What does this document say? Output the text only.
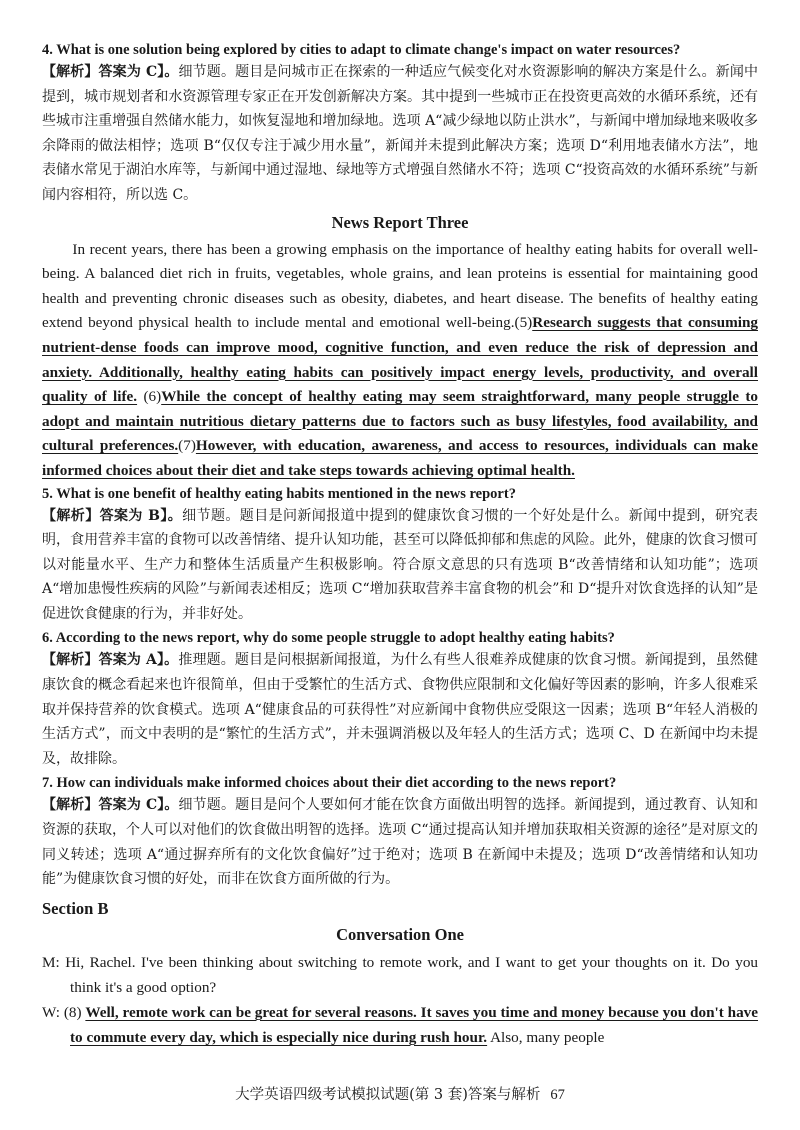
4. What is one solution being explored by cities to adapt to climate change's impact on water resources?

【解析】答案为 C】。细节题。题目是问城市正在探索的一种适应气候变化对水资源影响的解决方案是什么。新闻中提到，城市规划者和水资源管理专家正在开发创新解决方案。其中提到一些城市正在投资更高效的水循环系统，还有些城市注重增强自然储水能力，如恢复湿地和增加绿地。选项 A“减少绿地以防止洪水”，与新闻中增加绿地来吸收多余降雨的做法相悖；选项 B“仅仅专注于减少用水量”，新闻并未提到此解决方案；选项 D“利用地表储水方法”，地表储水常见于湖泊水库等，与新闻中通过湿地、绿地等方式增强自然储水不符；选项 C“投资高效的水循环系统”与新闻内容相符，所以选 C。

News Report Three

In recent years, there has been a growing emphasis on the importance of healthy eating habits for overall well-being. A balanced diet rich in fruits, vegetables, whole grains, and lean proteins is essential for maintaining good health and preventing chronic diseases such as obesity, diabetes, and heart disease. The benefits of healthy eating extend beyond physical health to include mental and emotional well-being.(5)Research suggests that consuming nutrient-dense foods can improve mood, cognitive function, and even reduce the risk of depression and anxiety. Additionally, healthy eating habits can positively impact energy levels, productivity, and overall quality of life. (6)While the concept of healthy eating may seem straightforward, many people struggle to adopt and maintain nutritious dietary patterns due to factors such as busy lifestyles, food availability, and cultural preferences.(7)However, with education, awareness, and access to resources, individuals can make informed choices about their diet and take steps towards achieving optimal health.

5. What is one benefit of healthy eating habits mentioned in the news report?

【解析】答案为 B】。细节题。题目是问新闻报道中提到的健康饮食习惯的一个好处是什么。新闻中提到，研究表明，食用营养丰富的食物可以改善情绪、提升认知功能，甚至可以降低抑郁和焦虑的风险。此外，健康的饮食习惯可以对能量水平、生产力和整体生活质量产生积极影响。符合原文意思的只有选项 B“改善情绪和认知功能”；选项 A“增加患慢性疾病的风险”与新闻表述相反；选项 C“增加获取营养丰富食物的机会”和 D“提升对饮食选择的认知”是促进饮食健康的行为，并非好处。

6. According to the news report, why do some people struggle to adopt healthy eating habits?

【解析】答案为 A】。推理题。题目是问根据新闻报道，为什么有些人很难养成健康的饮食习惯。新闻提到，虽然健康饮食的概念看起来也许很简单，但由于受繁忙的生活方式、食物供应限制和文化偏好等因素的影响，许多人很难采取并保持营养的饮食模式。选项 A“健康食品的可获得性”对应新闻中食物供应受限这一因素；选项 B“年轻人消极的生活方式”，而文中表明的是“繁忙的生活方式”，并未强调消极以及年轻人的生活方式；选项 C、D 在新闻中均未提及，故排除。

7. How can individuals make informed choices about their diet according to the news report?

【解析】答案为 C】。细节题。题目是问个人要如何才能在饮食方面做出明智的选择。新闻提到，通过教育、认知和资源的获取，个人可以对他们的饮食做出明智的选择。选项 C“通过提高认知并增加获取相关资源的途径”是对原文的同义转述；选项 A“通过摒弃所有的文化饮食偏好”过于绝对；选项 B 在新闻中未提及；选项 D“改善情绪和认知功能”为健康饮食习惯的好处，而非在饮食方面所做的行为。

Section B
Conversation One

M: Hi, Rachel. I've been thinking about switching to remote work, and I want to get your thoughts on it. Do you think it's a good option?

W: (8) Well, remote work can be great for several reasons. It saves you time and money because you don't have to commute every day, which is especially nice during rush hour. Also, many people

大学英语四级考试模拟试题(第 3 套)答案与解析 67
